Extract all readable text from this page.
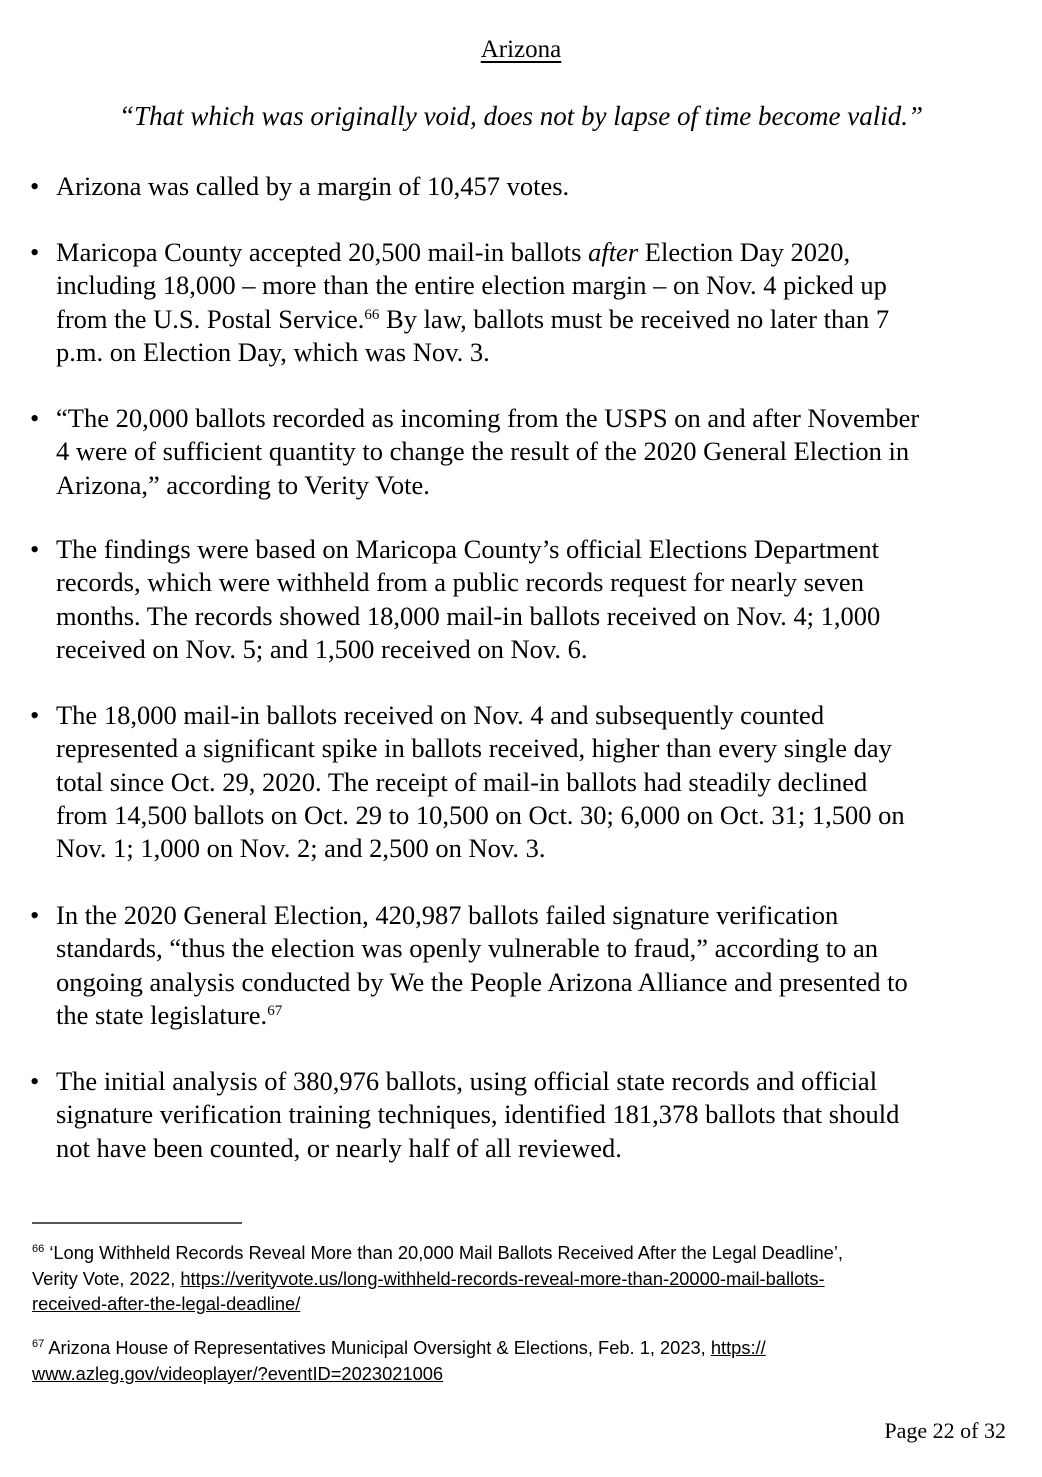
Arizona
“That which was originally void, does not by lapse of time become valid.”
• Arizona was called by a margin of 10,457 votes.
• Maricopa County accepted 20,500 mail-in ballots after Election Day 2020,
including 18,000 – more than the entire election margin – on Nov. 4 picked up
from the U.S. Postal Service.$^{66}$ By law, ballots must be received no later than 7
p.m. on Election Day, which was Nov. 3.
• “The 20,000 ballots recorded as incoming from the USPS on and after November
4 were of sufficient quantity to change the result of the 2020 General Election in
Arizona,” according to Verity Vote.
• The findings were based on Maricopa County’s official Elections Department
records, which were withheld from a public records request for nearly seven
months. The records showed 18,000 mail-in ballots received on Nov. 4; 1,000
received on Nov. 5; and 1,500 received on Nov. 6.
• The 18,000 mail-in ballots received on Nov. 4 and subsequently counted
represented a significant spike in ballots received, higher than every single day
total since Oct. 29, 2020. The receipt of mail-in ballots had steadily declined
from 14,500 ballots on Oct. 29 to 10,500 on Oct. 30; 6,000 on Oct. 31; 1,500 on
Nov. 1; 1,000 on Nov. 2; and 2,500 on Nov. 3.
• In the 2020 General Election, 420,987 ballots failed signature verification
standards, “thus the election was openly vulnerable to fraud,” according to an
ongoing analysis conducted by We the People Arizona Alliance and presented to
the state legislature.$^{67}$
• The initial analysis of 380,976 ballots, using official state records and official
signature verification training techniques, identified 181,378 ballots that should
not have been counted, or nearly half of all reviewed.
$^{66}$ ‘Long Withheld Records Reveal More than 20,000 Mail Ballots Received After the Legal Deadline’,
Verity Vote, 2022, https://verityvote.us/long-withheld-records-reveal-more-than-20000-mail-ballots-
received-after-the-legal-deadline/
$^{67}$ Arizona House of Representatives Municipal Oversight & Elections, Feb. 1, 2023, https://
www.azleg.gov/videoplayer/?eventID=2023021006
Page 22 of 32
